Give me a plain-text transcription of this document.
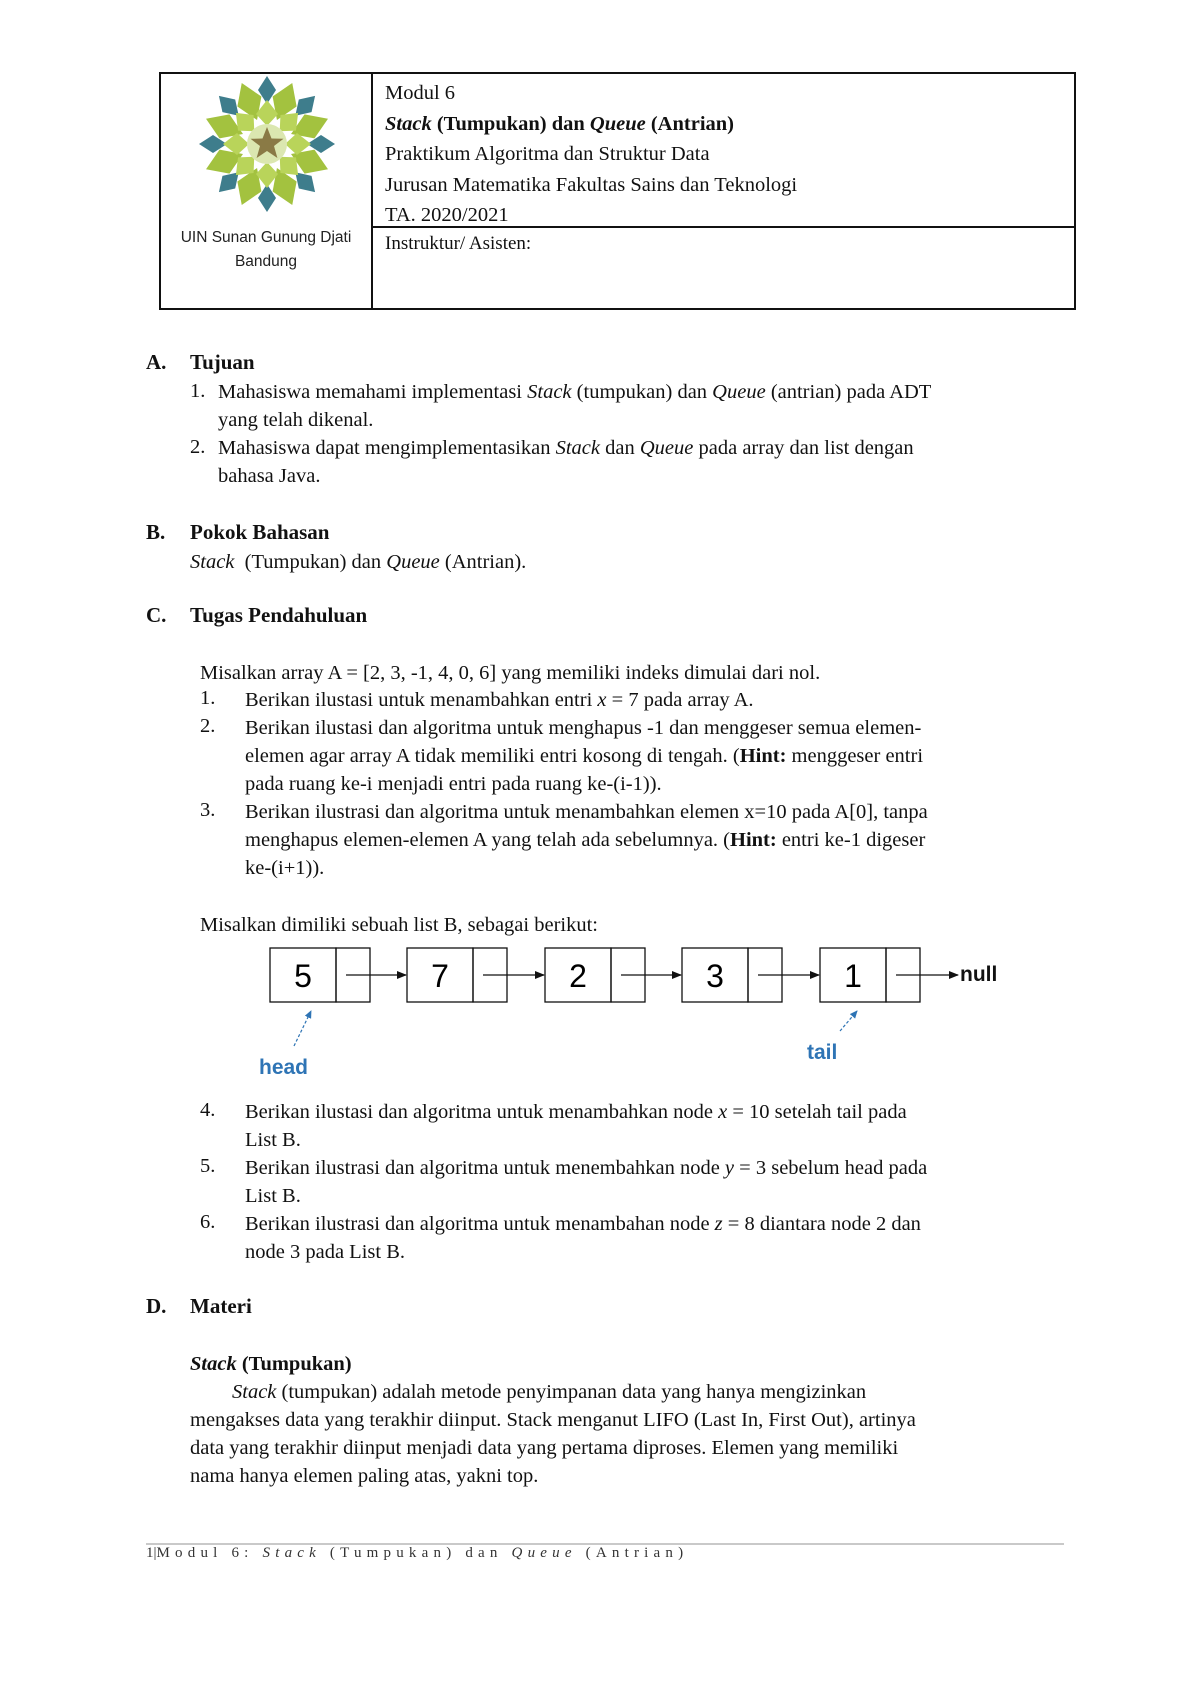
UIN Sunan Gunung Djati
Bandung
Modul 6
Stack (Tumpukan) dan Queue (Antrian)
Praktikum Algoritma dan Struktur Data
Jurusan Matematika Fakultas Sains dan Teknologi
TA. 2020/2021
Instruktur/ Asisten:
A. Tujuan
1. Mahasiswa memahami implementasi Stack (tumpukan) dan Queue (antrian) pada ADT
yang telah dikenal.
2. Mahasiswa dapat mengimplementasikan Stack dan Queue pada array dan list dengan
bahasa Java.
B. Pokok Bahasan
Stack  (Tumpukan) dan Queue (Antrian).
C. Tugas Pendahuluan
Misalkan array A = [2, 3, -1, 4, 0, 6] yang memiliki indeks dimulai dari nol.
1. Berikan ilustasi untuk menambahkan entri x = 7 pada array A.
2. Berikan ilustasi dan algoritma untuk menghapus -1 dan menggeser semua elemen-
elemen agar array A tidak memiliki entri kosong di tengah. (Hint: menggeser entri
pada ruang ke-i menjadi entri pada ruang ke-(i-1)).
3. Berikan ilustrasi dan algoritma untuk menambahkan elemen x=10 pada A[0], tanpa
menghapus elemen-elemen A yang telah ada sebelumnya. (Hint: entri ke-1 digeser
ke-(i+1)).
Misalkan dimiliki sebuah list B, sebagai berikut:
5	7	2	3	1	null
head
tail
4. Berikan ilustasi dan algoritma untuk menambahkan node x = 10 setelah tail pada
List B.
5. Berikan ilustrasi dan algoritma untuk menembahkan node y = 3 sebelum head pada
List B.
6. Berikan ilustrasi dan algoritma untuk menambahan node z = 8 diantara node 2 dan
node 3 pada List B.
D. Materi
Stack (Tumpukan)
Stack (tumpukan) adalah metode penyimpanan data yang hanya mengizinkan
mengakses data yang terakhir diinput. Stack menganut LIFO (Last In, First Out), artinya
data yang terakhir diinput menjadi data yang pertama diproses. Elemen yang memiliki
nama hanya elemen paling atas, yakni top.
1|Modul 6: Stack (Tumpukan) dan Queue (Antrian)
